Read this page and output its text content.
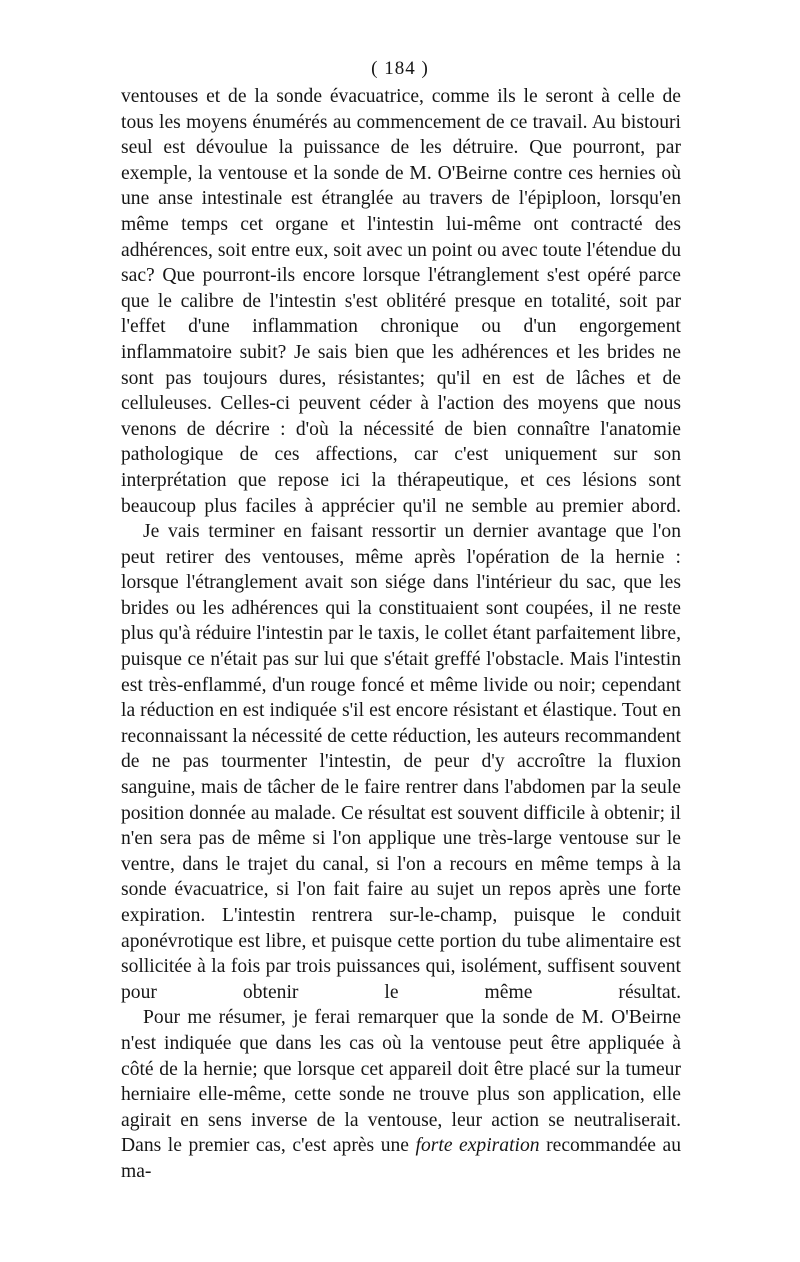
( 184 )

ventouses et de la sonde évacuatrice, comme ils le seront à celle de tous les moyens énumérés au commencement de ce travail. Au bistouri seul est dévoulue la puissance de les détruire. Que pourront, par exemple, la ventouse et la sonde de M. O'Beirne contre ces hernies où une anse intestinale est étranglée au travers de l'épiploon, lorsqu'en même temps cet organe et l'intestin lui-même ont contracté des adhérences, soit entre eux, soit avec un point ou avec toute l'étendue du sac? Que pourront-ils encore lorsque l'étranglement s'est opéré parce que le calibre de l'intestin s'est oblitéré presque en totalité, soit par l'effet d'une inflammation chronique ou d'un engorgement inflammatoire subit? Je sais bien que les adhérences et les brides ne sont pas toujours dures, résistantes; qu'il en est de lâches et de celluleuses. Celles-ci peuvent céder à l'action des moyens que nous venons de décrire : d'où la nécessité de bien connaître l'anatomie pathologique de ces affections, car c'est uniquement sur son interprétation que repose ici la thérapeutique, et ces lésions sont beaucoup plus faciles à apprécier qu'il ne semble au premier abord.

Je vais terminer en faisant ressortir un dernier avantage que l'on peut retirer des ventouses, même après l'opération de la hernie : lorsque l'étranglement avait son siége dans l'intérieur du sac, que les brides ou les adhérences qui la constituaient sont coupées, il ne reste plus qu'à réduire l'intestin par le taxis, le collet étant parfaitement libre, puisque ce n'était pas sur lui que s'était greffé l'obstacle. Mais l'intestin est très-enflammé, d'un rouge foncé et même livide ou noir; cependant la réduction en est indiquée s'il est encore résistant et élastique. Tout en reconnaissant la nécessité de cette réduction, les auteurs recommandent de ne pas tourmenter l'intestin, de peur d'y accroître la fluxion sanguine, mais de tâcher de le faire rentrer dans l'abdomen par la seule position donnée au malade. Ce résultat est souvent difficile à obtenir; il n'en sera pas de même si l'on applique une très-large ventouse sur le ventre, dans le trajet du canal, si l'on a recours en même temps à la sonde évacuatrice, si l'on fait faire au sujet un repos après une forte expiration. L'intestin rentrera sur-le-champ, puisque le conduit aponévrotique est libre, et puisque cette portion du tube alimentaire est sollicitée à la fois par trois puissances qui, isolément, suffisent souvent pour obtenir le même résultat.

Pour me résumer, je ferai remarquer que la sonde de M. O'Beirne n'est indiquée que dans les cas où la ventouse peut être appliquée à côté de la hernie; que lorsque cet appareil doit être placé sur la tumeur herniaire elle-même, cette sonde ne trouve plus son application, elle agirait en sens inverse de la ventouse, leur action se neutraliserait. Dans le premier cas, c'est après une forte expiration recommandée au ma-
